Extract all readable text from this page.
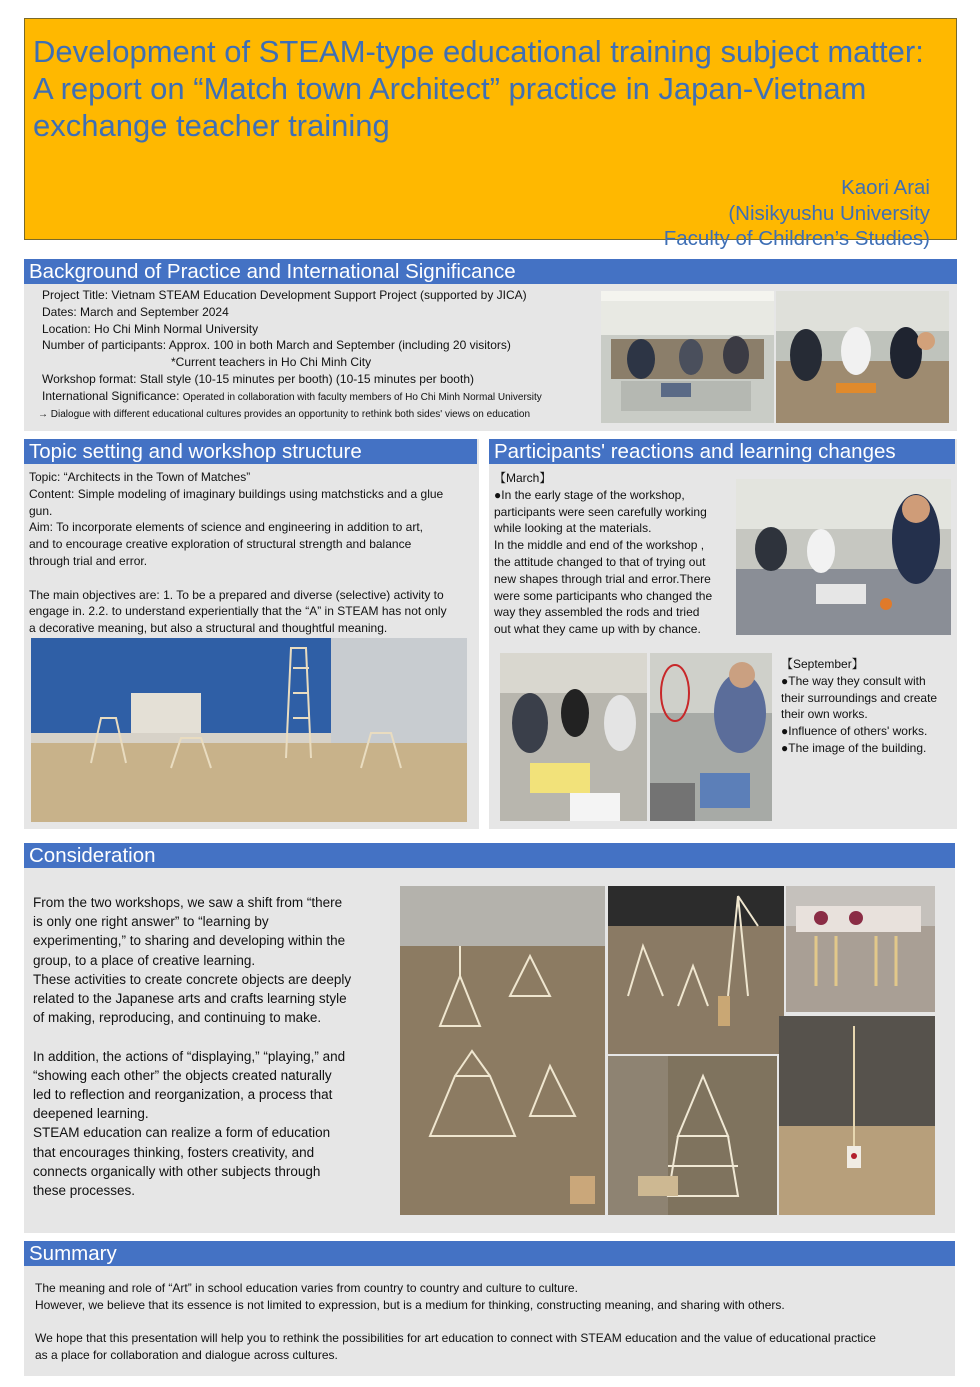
Development of STEAM-type educational training subject matter: A report on “Match town Architect” practice in Japan-Vietnam exchange teacher training
Kaori Arai
(Nisikyushu University
Faculty of Children’s Studies)
Background of Practice and International Significance

Project Title: Vietnam STEAM Education Development Support Project (supported by JICA)

Dates: March and September 2024

Location: Ho Chi Minh Normal University

Number of participants: Approx. 100 in both March and September (including 20 visitors)

*Current teachers in Ho Chi Minh City

Workshop format: Stall style (10-15 minutes per booth) (10-15 minutes per booth)

International Significance: Operated in collaboration with faculty members of Ho Chi Minh Normal University

→ Dialogue with different educational cultures provides an opportunity to rethink both sides' views on education

Topic setting and workshop structure

Topic: “Architects in the Town of Matches”

Content: Simple modeling of imaginary buildings using matchsticks and a glue

gun.

Aim: To incorporate elements of science and engineering in addition to art,

and to encourage creative exploration of structural strength and balance

through trial and error.

The main objectives are: 1. To be a prepared and diverse (selective) activity to

engage in. 2.2. to understand experientially that the “A” in STEAM has not only

a decorative meaning, but also a structural and thoughtful meaning.

Participants' reactions and learning changes

【March】

●In the early stage of the workshop,

participants were seen carefully working

while looking at the materials.

In the middle and end of the workshop ,

the attitude changed to that of trying out

new shapes through trial and error.There

were some participants who changed the

way they assembled the rods and tried

out what they came up with by chance.

【September】

●The way they consult with

their surroundings and create

their own works.

●Influence of others' works.

●The image of the building.

Consideration

From the two workshops, we saw a shift from “there

is only one right answer” to “learning by

experimenting,” to sharing and developing within the

group, to a place of creative learning.

These activities to create concrete objects are deeply

related to the Japanese arts and crafts learning style

of making, reproducing, and continuing to make.

In addition, the actions of “displaying,” “playing,” and

“showing each other” the objects created naturally

led to reflection and reorganization, a process that

deepened learning.

STEAM education can realize a form of education

that encourages thinking, fosters creativity, and

connects organically with other subjects through

these processes.

Summary

The meaning and role of “Art” in school education varies from country to country and culture to culture.

However, we believe that its essence is not limited to expression, but is a medium for thinking, constructing meaning, and sharing with others.

We hope that this presentation will help you to rethink the possibilities for art education to connect with STEAM education and the value of educational practice

as a place for collaboration and dialogue across cultures.
